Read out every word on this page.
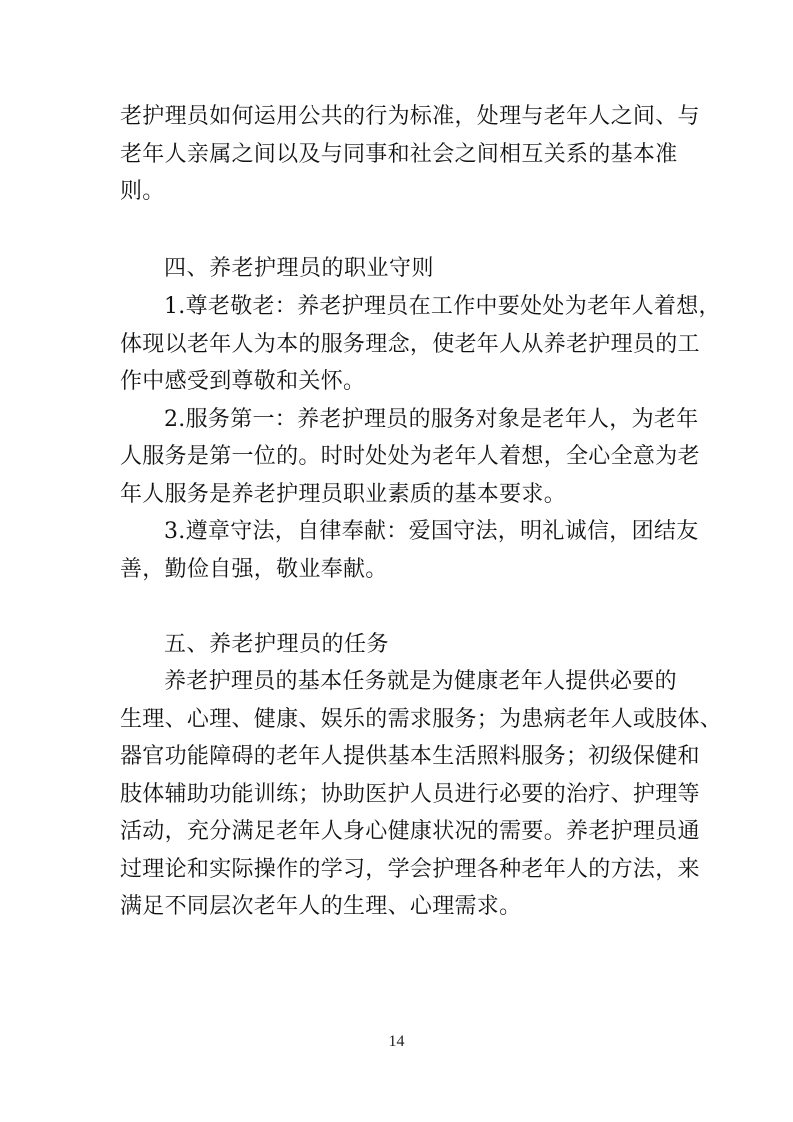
老护理员如何运用公共的行为标准，处理与老年人之间、与
老年人亲属之间以及与同事和社会之间相互关系的基本准
则。
四、养老护理员的职业守则
1.尊老敬老：养老护理员在工作中要处处为老年人着想，
体现以老年人为本的服务理念，使老年人从养老护理员的工
作中感受到尊敬和关怀。
2.服务第一：养老护理员的服务对象是老年人，为老年
人服务是第一位的。时时处处为老年人着想，全心全意为老
年人服务是养老护理员职业素质的基本要求。
3.遵章守法，自律奉献：爱国守法，明礼诚信，团结友
善，勤俭自强，敬业奉献。
五、养老护理员的任务
养老护理员的基本任务就是为健康老年人提供必要的
生理、心理、健康、娱乐的需求服务；为患病老年人或肢体、
器官功能障碍的老年人提供基本生活照料服务；初级保健和
肢体辅助功能训练；协助医护人员进行必要的治疗、护理等
活动，充分满足老年人身心健康状况的需要。养老护理员通
过理论和实际操作的学习，学会护理各种老年人的方法，来
满足不同层次老年人的生理、心理需求。
14
